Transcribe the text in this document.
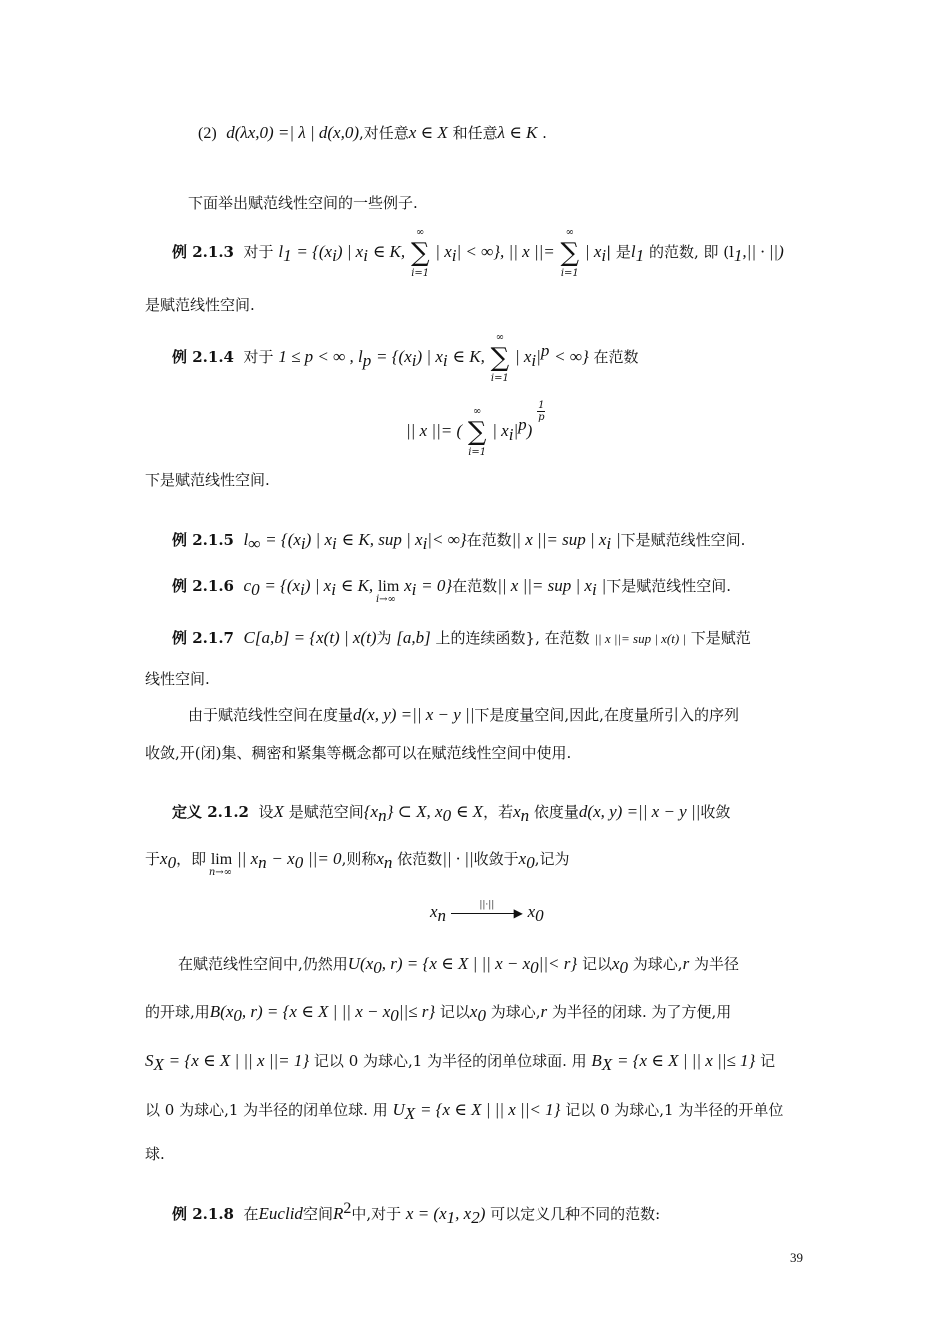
(2) d(λx,0) =| λ | d(x,0),对任意x ∈ X 和任意λ ∈ K .
下面举出赋范线性空间的一些例子.
例 2.1.3 对于 $l_1 = \{(x_i)$ | $x_i$ ∈ K,
∞
∑
i=1
| $x_i|$ < ∞}, || x ||=
∞
∑
i=1
| $x_i|$ 是$l_1$ 的范数, 即 ($l_1,||$ · ||)
是赋范线性空间.
例 2.1.4 对于 1 ≤ p < ∞ , $l_p = \{(x_i)$ | $x_i$ ∈ K,
∞
∑
i=1
| $x_i|^p$ < ∞} 在范数
|| x ||= (
∞
∑
i=1
| $x_i|^p$)
$\frac{1}{p}$
下是赋范线性空间.
例 2.1.5 $l_\infty = \{(x_i)$ | $x_i$ ∈ K, sup | $x_i|<$ ∞}在范数|| x ||= sup | $x_i$ |下是赋范线性空间.
例 2.1.6 $c_0 = \{(x_i)$ | $x_i$ ∈ K, lim
i→∞
$x_i = 0$}在范数|| x ||= sup | $x_i$ |下是赋范线性空间.
例 2.1.7 C[a,b] = {x(t) | x(t)为 [a,b] 上的连续函数}, 在范数 || x ||= sup | x(t) | 下是赋范
线性空间.
由于赋范线性空间在度量d(x, y) =|| x − y ||下是度量空间,因此,在度量所引入的序列
收敛,开(闭)集、稠密和紧集等概念都可以在赋范线性空间中使用.
定义 2.1.2 设X 是赋范空间$\{x_n\}$ ⊂ X, $x_0$ ∈ X，若$x_n$ 依度量d(x, y) =|| x − y ||收敛
于$x_0$，即 lim
n→∞
|| $x_n - x_0$ ||= 0,则称$x_n$ 依范数|| · ||收敛于$x_0$,记为
$x_n$
||·||
▶ $x_0$
在赋范线性空间中,仍然用$U(x_0$, r) = {x ∈ X | || $x - x_0||< r$} 记以$x_0$ 为球心,r 为半径
的开球,用$B(x_0$, r) = {x ∈ X | || $x - x_0||\le r$} 记以$x_0$ 为球心,r 为半径的闭球. 为了方便,用
$S_X = \{x$ ∈ X | || x ||= 1} 记以 0 为球心,1 为半径的闭单位球面. 用 $B_X = \{x$ ∈ X | || x ||≤ 1} 记
以 0 为球心,1 为半径的闭单位球. 用 $U_X = \{x$ ∈ X | || x ||< 1} 记以 0 为球心,1 为半径的开单位
球.
例 2.1.8 在Euclid空间$R^2$中,对于 $x = (x_1$, $x_2$) 可以定义几种不同的范数:
39
